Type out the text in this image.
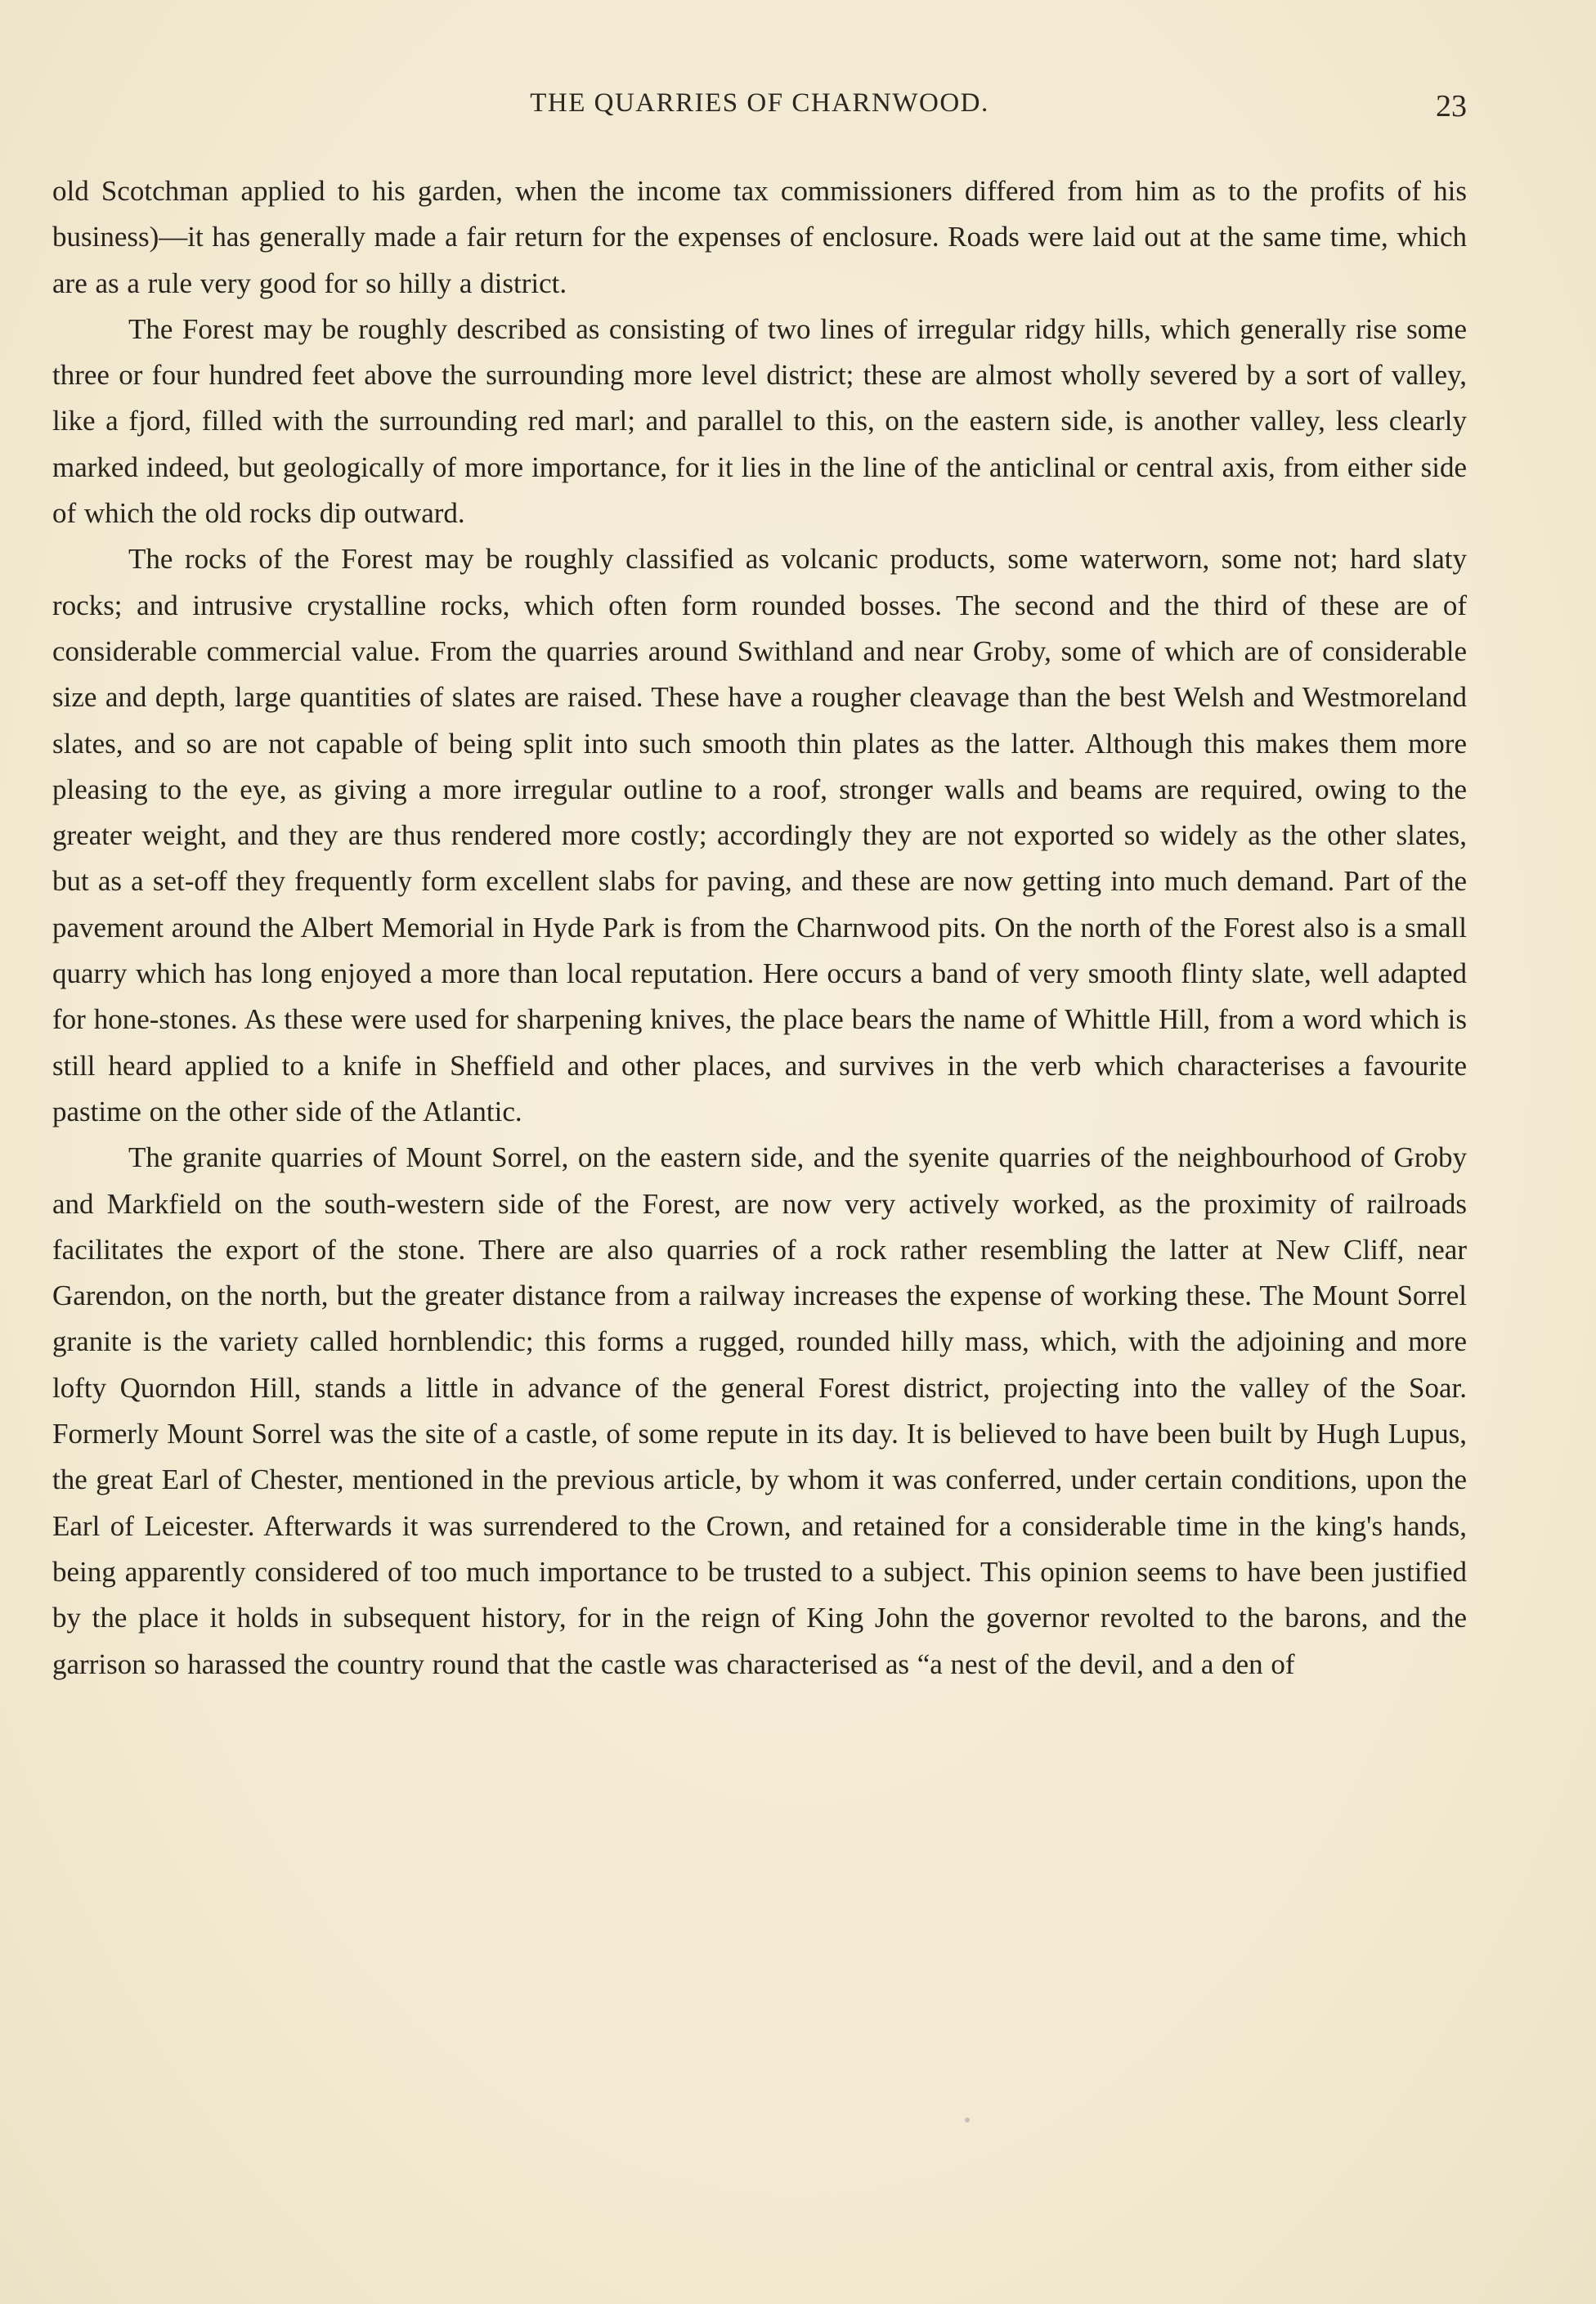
THE QUARRIES OF CHARNWOOD.	23

old Scotchman applied to his garden, when the income tax commissioners differed from him as to the profits of his business)—it has generally made a fair return for the expenses of enclosure. Roads were laid out at the same time, which are as a rule very good for so hilly a district.

The Forest may be roughly described as consisting of two lines of irregular ridgy hills, which generally rise some three or four hundred feet above the surrounding more level district; these are almost wholly severed by a sort of valley, like a fjord, filled with the surrounding red marl; and parallel to this, on the eastern side, is another valley, less clearly marked indeed, but geologically of more importance, for it lies in the line of the anticlinal or central axis, from either side of which the old rocks dip outward.

The rocks of the Forest may be roughly classified as volcanic products, some waterworn, some not; hard slaty rocks; and intrusive crystalline rocks, which often form rounded bosses. The second and the third of these are of considerable commercial value. From the quarries around Swithland and near Groby, some of which are of considerable size and depth, large quantities of slates are raised. These have a rougher cleavage than the best Welsh and Westmoreland slates, and so are not capable of being split into such smooth thin plates as the latter. Although this makes them more pleasing to the eye, as giving a more irregular outline to a roof, stronger walls and beams are required, owing to the greater weight, and they are thus rendered more costly; accordingly they are not exported so widely as the other slates, but as a set-off they frequently form excellent slabs for paving, and these are now getting into much demand. Part of the pavement around the Albert Memorial in Hyde Park is from the Charnwood pits. On the north of the Forest also is a small quarry which has long enjoyed a more than local reputation. Here occurs a band of very smooth flinty slate, well adapted for hone-stones. As these were used for sharpening knives, the place bears the name of Whittle Hill, from a word which is still heard applied to a knife in Sheffield and other places, and survives in the verb which characterises a favourite pastime on the other side of the Atlantic.

The granite quarries of Mount Sorrel, on the eastern side, and the syenite quarries of the neighbourhood of Groby and Markfield on the south-western side of the Forest, are now very actively worked, as the proximity of railroads facilitates the export of the stone. There are also quarries of a rock rather resembling the latter at New Cliff, near Garendon, on the north, but the greater distance from a railway increases the expense of working these. The Mount Sorrel granite is the variety called hornblendic; this forms a rugged, rounded hilly mass, which, with the adjoining and more lofty Quorndon Hill, stands a little in advance of the general Forest district, projecting into the valley of the Soar. Formerly Mount Sorrel was the site of a castle, of some repute in its day. It is believed to have been built by Hugh Lupus, the great Earl of Chester, mentioned in the previous article, by whom it was conferred, under certain conditions, upon the Earl of Leicester. Afterwards it was surrendered to the Crown, and retained for a considerable time in the king's hands, being apparently considered of too much importance to be trusted to a subject. This opinion seems to have been justified by the place it holds in subsequent history, for in the reign of King John the governor revolted to the barons, and the garrison so harassed the country round that the castle was characterised as “a nest of the devil, and a den of
